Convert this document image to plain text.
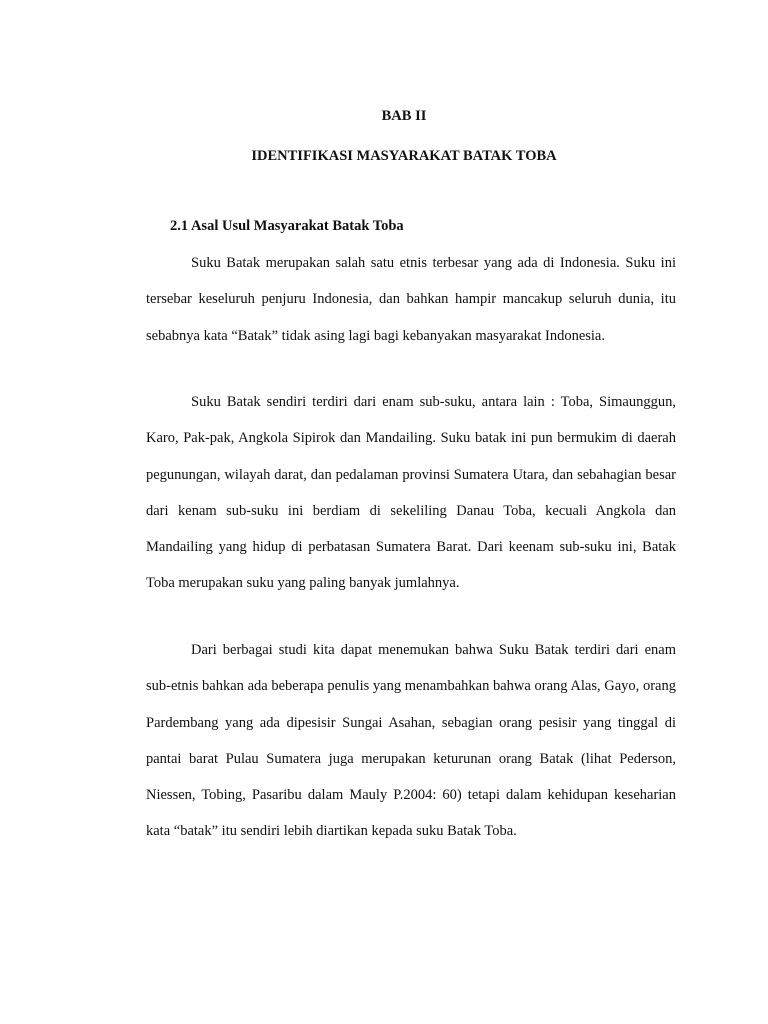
BAB II
IDENTIFIKASI MASYARAKAT BATAK TOBA
2.1 Asal Usul Masyarakat Batak Toba

Suku Batak merupakan salah satu etnis terbesar yang ada di Indonesia. Suku ini tersebar keseluruh penjuru Indonesia, dan bahkan hampir mancakup seluruh dunia, itu sebabnya kata “Batak” tidak asing lagi bagi kebanyakan masyarakat Indonesia.

Suku Batak sendiri terdiri dari enam sub-suku, antara lain : Toba, Simaunggun, Karo, Pak-pak, Angkola Sipirok dan Mandailing. Suku batak ini pun bermukim di daerah pegunungan, wilayah darat, dan pedalaman provinsi Sumatera Utara, dan sebahagian besar dari kenam sub-suku ini berdiam di sekeliling Danau Toba, kecuali Angkola dan Mandailing yang hidup di perbatasan Sumatera Barat. Dari keenam sub-suku ini, Batak Toba merupakan suku yang paling banyak jumlahnya.

Dari berbagai studi kita dapat menemukan bahwa Suku Batak terdiri dari enam sub-etnis bahkan ada beberapa penulis yang menambahkan bahwa orang Alas, Gayo, orang Pardembang yang ada dipesisir Sungai Asahan, sebagian orang pesisir yang tinggal di pantai barat Pulau Sumatera juga merupakan keturunan orang Batak (lihat Pederson, Niessen, Tobing, Pasaribu dalam Mauly P.2004: 60) tetapi dalam kehidupan keseharian kata “batak” itu sendiri lebih diartikan kepada suku Batak Toba.
